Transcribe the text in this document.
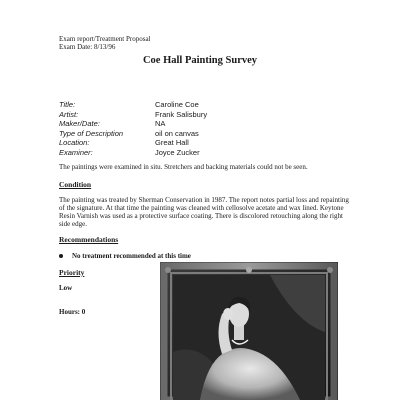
Exam report/Treatment Proposal
Exam Date: 8/13/96
Coe Hall Painting Survey
Title:	Caroline Coe
Artist:	Frank Salisbury
Maker/Date:	NA
Type of Description	oil on canvas
Location:	Great Hall
Examiner:	Joyce Zucker
The paintings were examined in situ. Stretchers and backing materials could not be seen.
Condition
The painting was treated by Sherman Conservation in 1987. The report notes partial loss and repainting of the signature. At that time the painting was cleaned with cellosolve acetate and wax lined. Keytone Resin Varnish was used as a protective surface coating. There is discolored retouching along the right side edge.
Recommendations
No treatment recommended at this time
Priority
Low
Hours: 0
